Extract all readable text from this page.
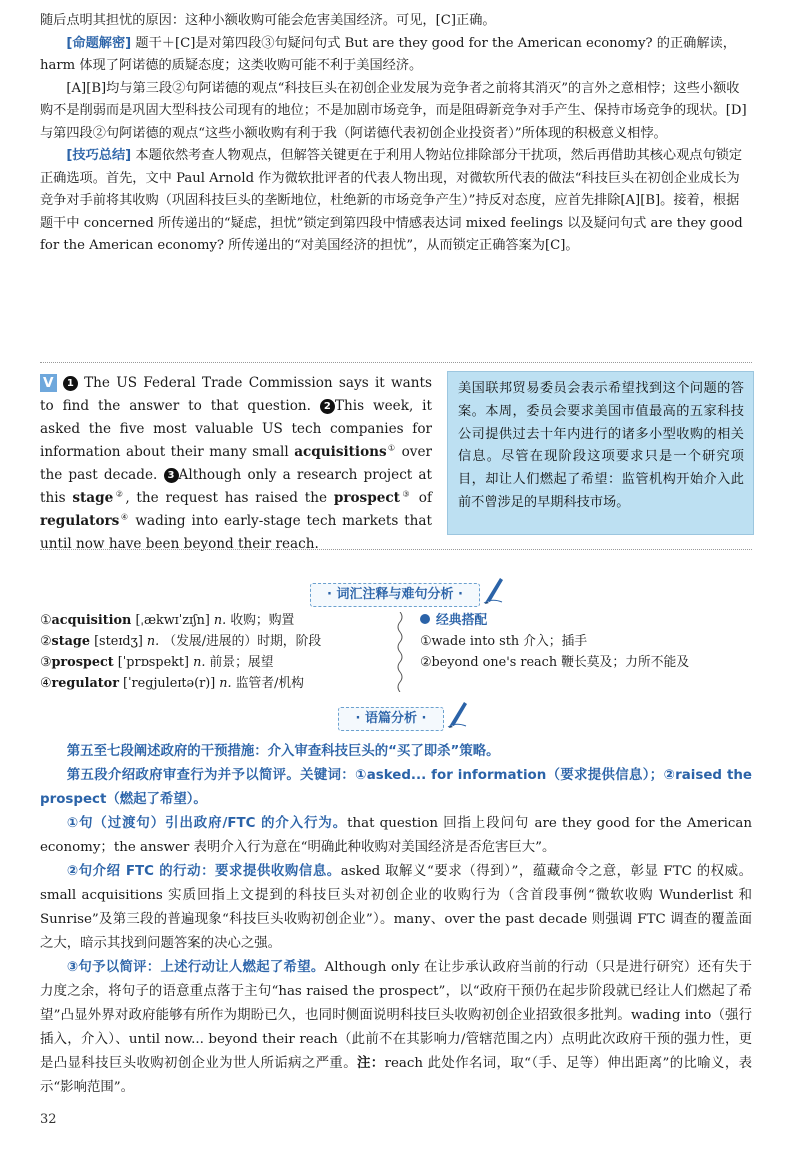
随后点明其担忧的原因：这种小额收购可能会危害美国经济。可见，[C]正确。

[命题解密] 题干＋[C]是对第四段③句疑问句式 But are they good for the American economy? 的正确解读，harm 体现了阿诺德的质疑态度；这类收购可能不利于美国经济。

[A][B]均与第三段②句阿诺德的观点“科技巨头在初创企业发展为竞争者之前将其消灭”的言外之意相悖；这些小额收购不是削弱而是巩固大型科技公司现有的地位；不是加剧市场竞争，而是阻碍新竞争对手产生、保持市场竞争的现状。[D]与第四段②句阿诺德的观点“这些小额收购有利于我（阿诺德代表初创企业投资者）”所体现的积极意义相悖。

[技巧总结] 本题依然考查人物观点，但解答关键更在于利用人物站位排除部分干扰项，然后再借助其核心观点句锁定正确选项。首先，文中 Paul Arnold 作为微软批评者的代表人物出现，对微软所代表的做法“科技巨头在初创企业成长为竞争对手前将其收购（巩固科技巨头的垄断地位，杜绝新的市场竞争产生）”持反对态度，应首先排除[A][B]。接着，根据题干中 concerned 所传递出的“疑虑，担忧”锁定到第四段中情感表达词 mixed feelings 以及疑问句式 are they good for the American economy? 所传递出的“对美国经济的担忧”，从而锁定正确答案为[C]。

V 1 The US Federal Trade Commission says it wants to find the answer to that question. 2 This week, it asked the five most valuable US tech companies for information about their many small acquisitions① over the past decade. 3 Although only a research project at this stage②, the request has raised the prospect③ of regulators④ wading into early-stage tech markets that until now have been beyond their reach.

美国联邦贸易委员会表示希望找到这个问题的答案。本周，委员会要求美国市值最高的五家科技公司提供过去十年内进行的诸多小型收购的相关信息。尽管在现阶段这项要求只是一个研究项目，却让人们燃起了希望：监管机构开始介入此前不曾涉足的早期科技市场。

· 词汇注释与难句分析 ·
①acquisition [ˌækwɪˈzɪʃn] n. 收购；购置
②stage [steɪdʒ] n. （发展/进展的）时期，阶段
③prospect [ˈprɒspekt] n. 前景；展望
④regulator [ˈregjuleɪtə(r)] n. 监管者/机构
经典搭配
①wade into sth 介入；插手
②beyond one's reach 鞭长莫及；力所不能及
· 语篇分析 ·

第五至七段阐述政府的干预措施：介入审查科技巨头的“买了即杀”策略。

第五段介绍政府审查行为并予以简评。关键词：①asked... for information（要求提供信息）；②raised the prospect（燃起了希望）。

①句（过渡句）引出政府/FTC 的介入行为。that question 回指上段问句 are they good for the American economy；the answer 表明介入行为意在“明确此种收购对美国经济是否危害巨大”。

②句介绍 FTC 的行动：要求提供收购信息。asked 取解义“要求（得到）”，蕴藏命令之意，彰显 FTC 的权威。small acquisitions 实质回指上文提到的科技巨头对初创企业的收购行为（含首段事例“微软收购 Wunderlist 和 Sunrise”及第三段的普遍现象“科技巨头收购初创企业”）。many、over the past decade 则强调 FTC 调查的覆盖面之大，暗示其找到问题答案的决心之强。

③句予以简评：上述行动让人燃起了希望。Although only 在让步承认政府当前的行动（只是进行研究）还有失于力度之余，将句子的语意重点落于主句“has raised the prospect”，以“政府干预仍在起步阶段就已经让人们燃起了希望”凸显外界对政府能够有所作为期盼已久，也同时侧面说明科技巨头收购初创企业招致很多批判。wading into（强行插入，介入）、until now... beyond their reach（此前不在其影响力/管辖范围之内）点明此次政府干预的强力性，更是凸显科技巨头收购初创企业为世人所诟病之严重。注：reach 此处作名词，取“（手、足等）伸出距离”的比喻义，表示“影响范围”。

32
